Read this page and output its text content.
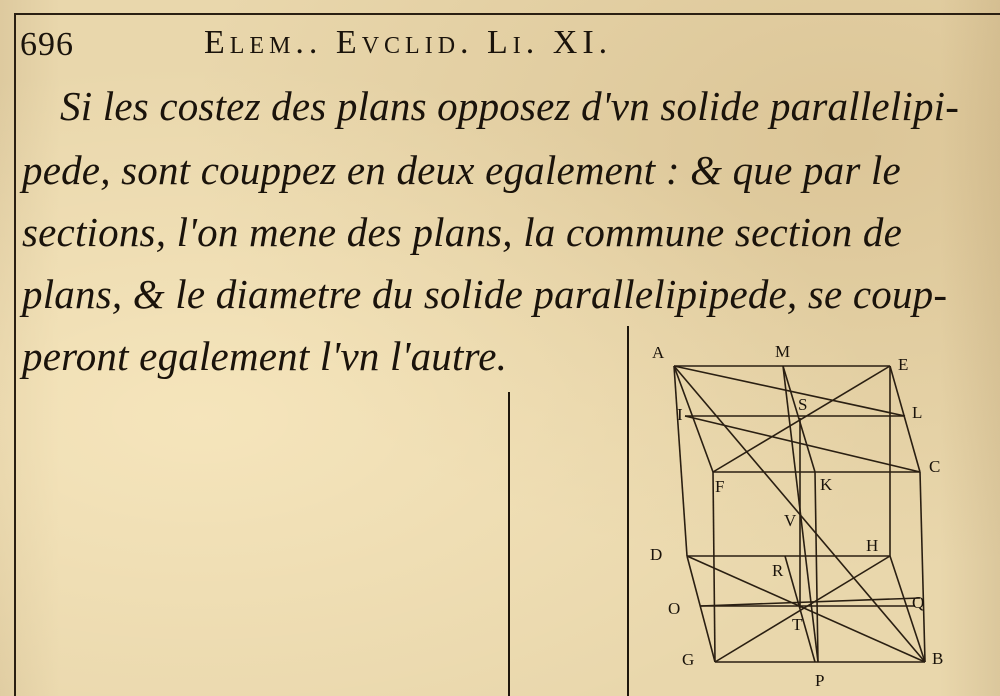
696	Elem.. Evclid. Li. XI.
Si les costez des plans opposez d'vn solide parallelipi-
pede, sont couppez en deux egalement : & que par le
sections, l'on mene des plans, la commune section de
plans, & le diametre du solide parallelipipede, se coup-
peront egalement l'vn l'autre.	A	M
E
I
S	L
C
F	K
V
D	H
R
O	Q
T
G	B
P
